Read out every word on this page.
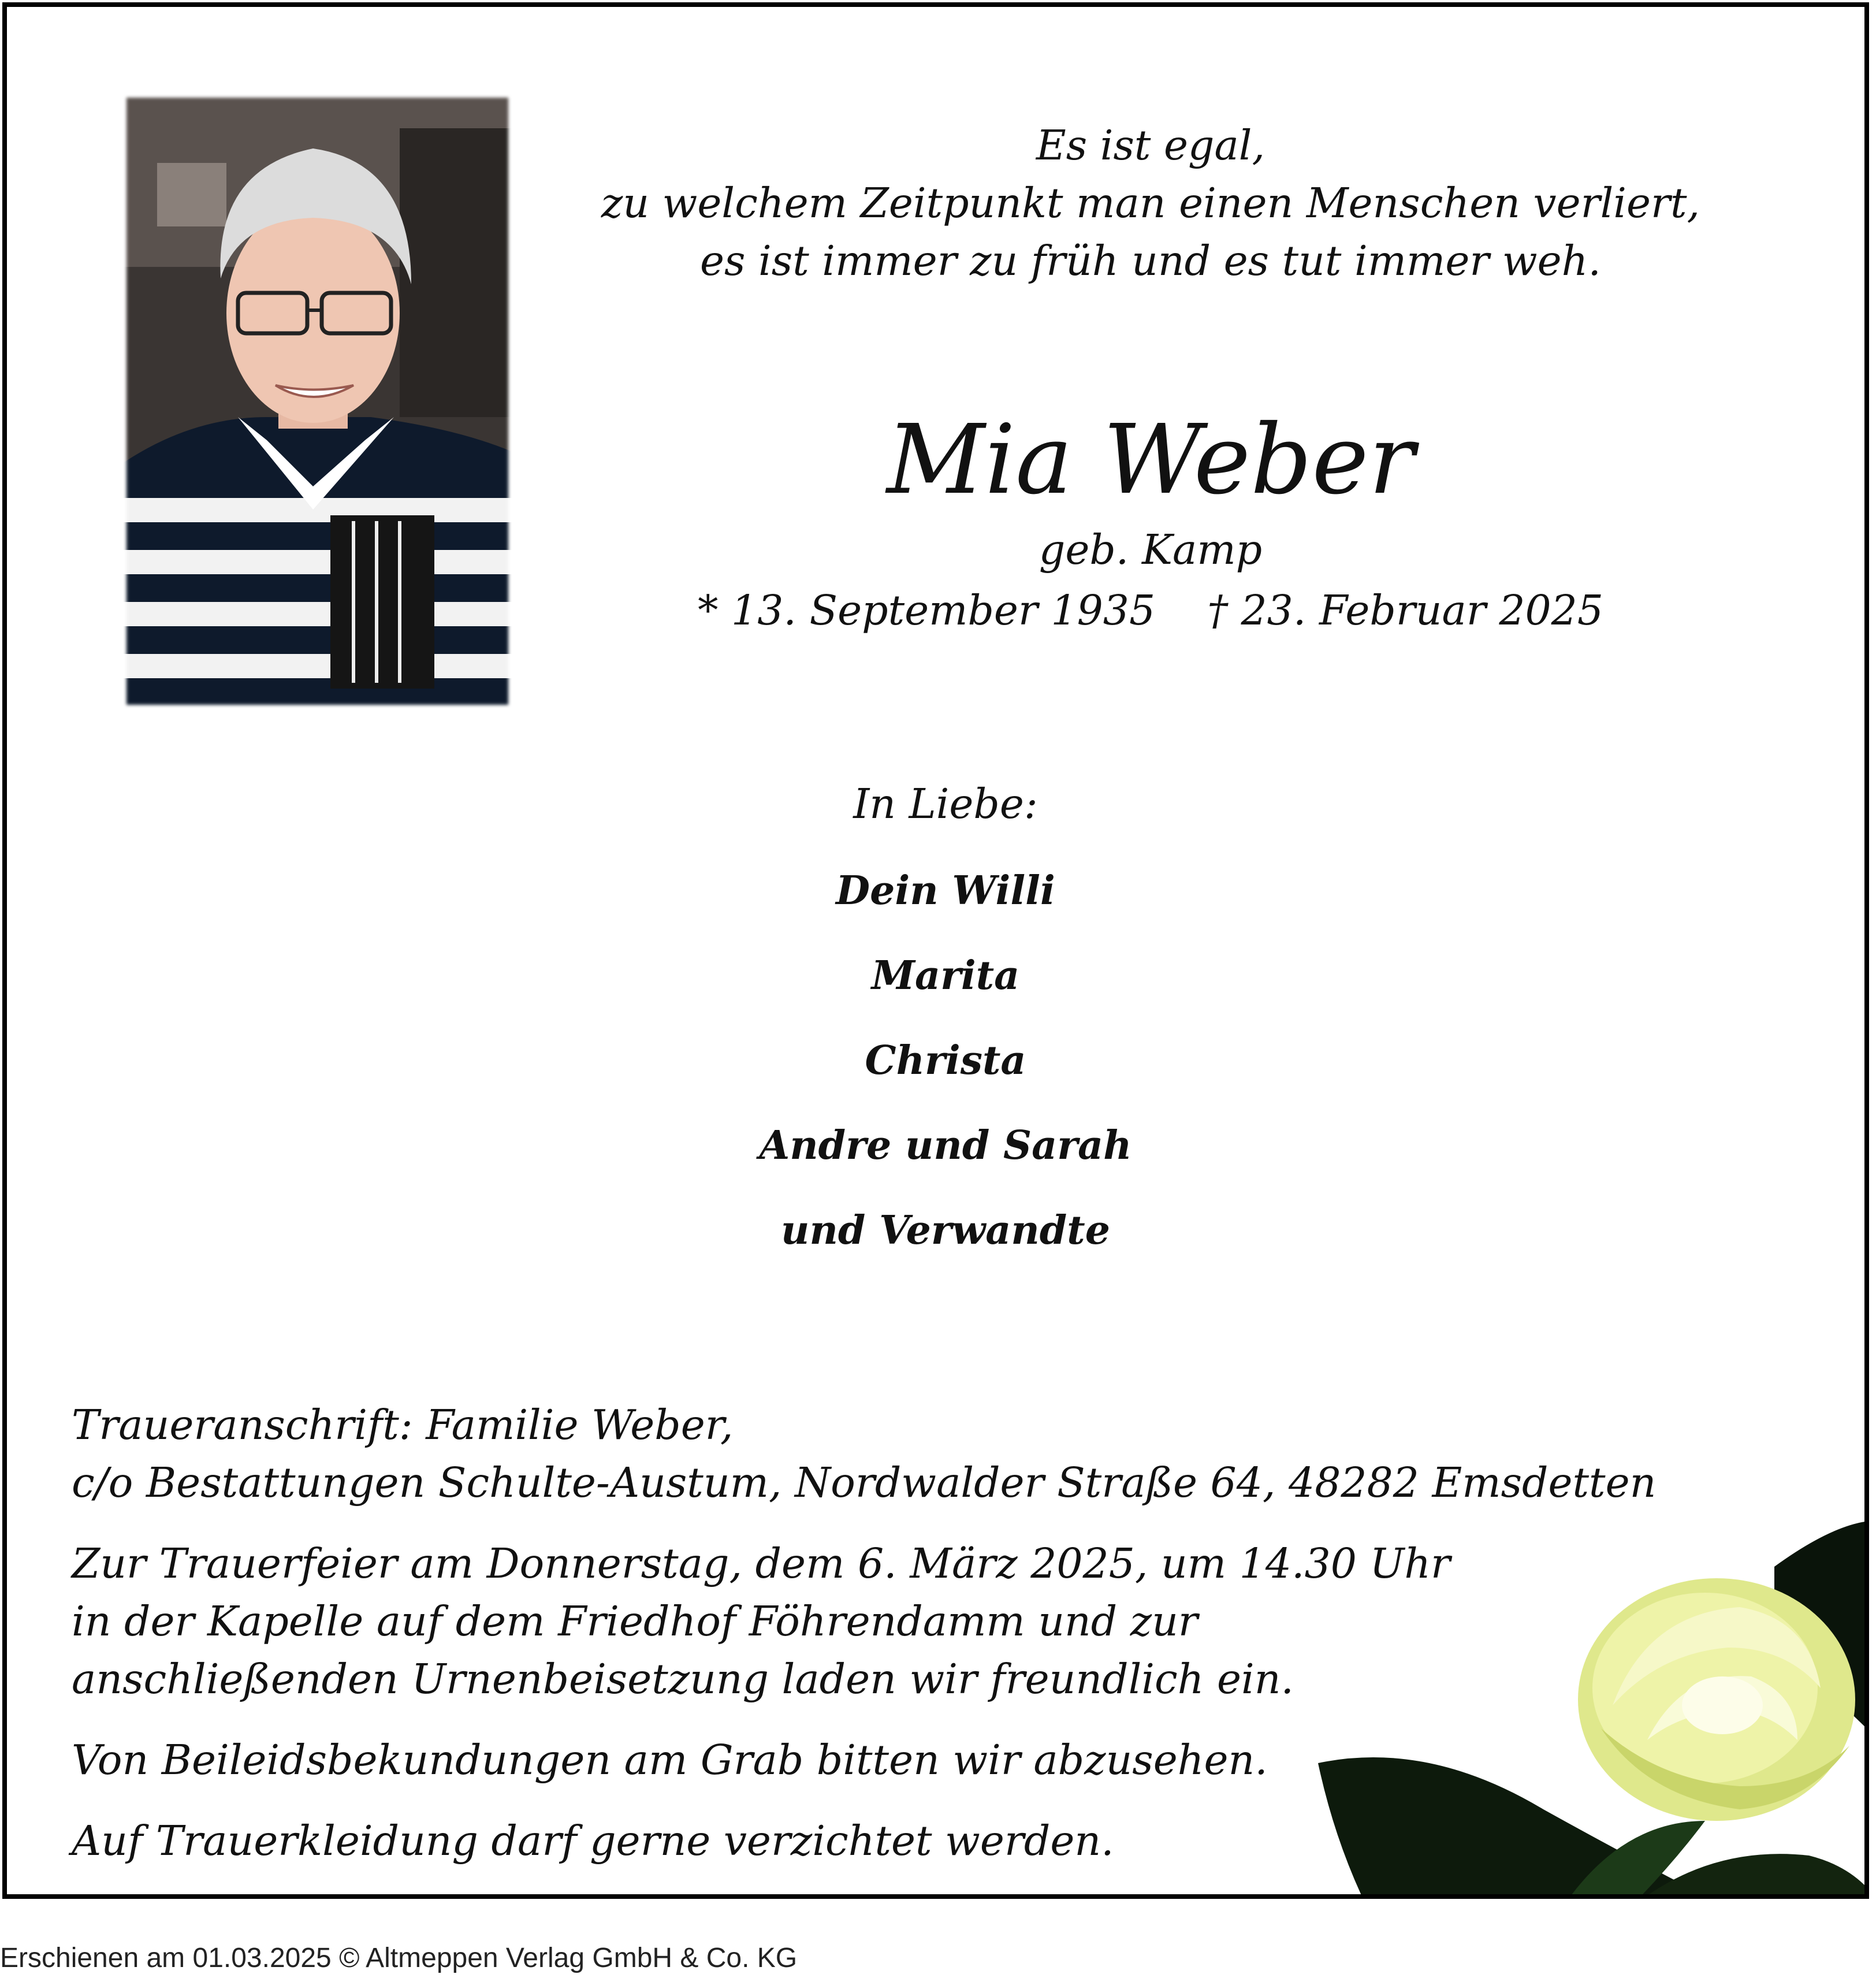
Es ist egal,
zu welchem Zeitpunkt man einen Menschen verliert,
es ist immer zu früh und es tut immer weh.
Mia Weber
geb. Kamp
* 13. September 1935    † 23. Februar 2025
In Liebe:
Dein Willi
Marita
Christa
Andre und Sarah
und Verwandte

Traueranschrift: Familie Weber,
c/o Bestattungen Schulte-Austum, Nordwalder Straße 64, 48282 Emsdetten

Zur Trauerfeier am Donnerstag, dem 6. März 2025, um 14.30 Uhr
in der Kapelle auf dem Friedhof Föhrendamm und zur
anschließenden Urnenbeisetzung laden wir freundlich ein.

Von Beileidsbekundungen am Grab bitten wir abzusehen.

Auf Trauerkleidung darf gerne verzichtet werden.

Erschienen am 01.03.2025 © Altmeppen Verlag GmbH & Co. KG
